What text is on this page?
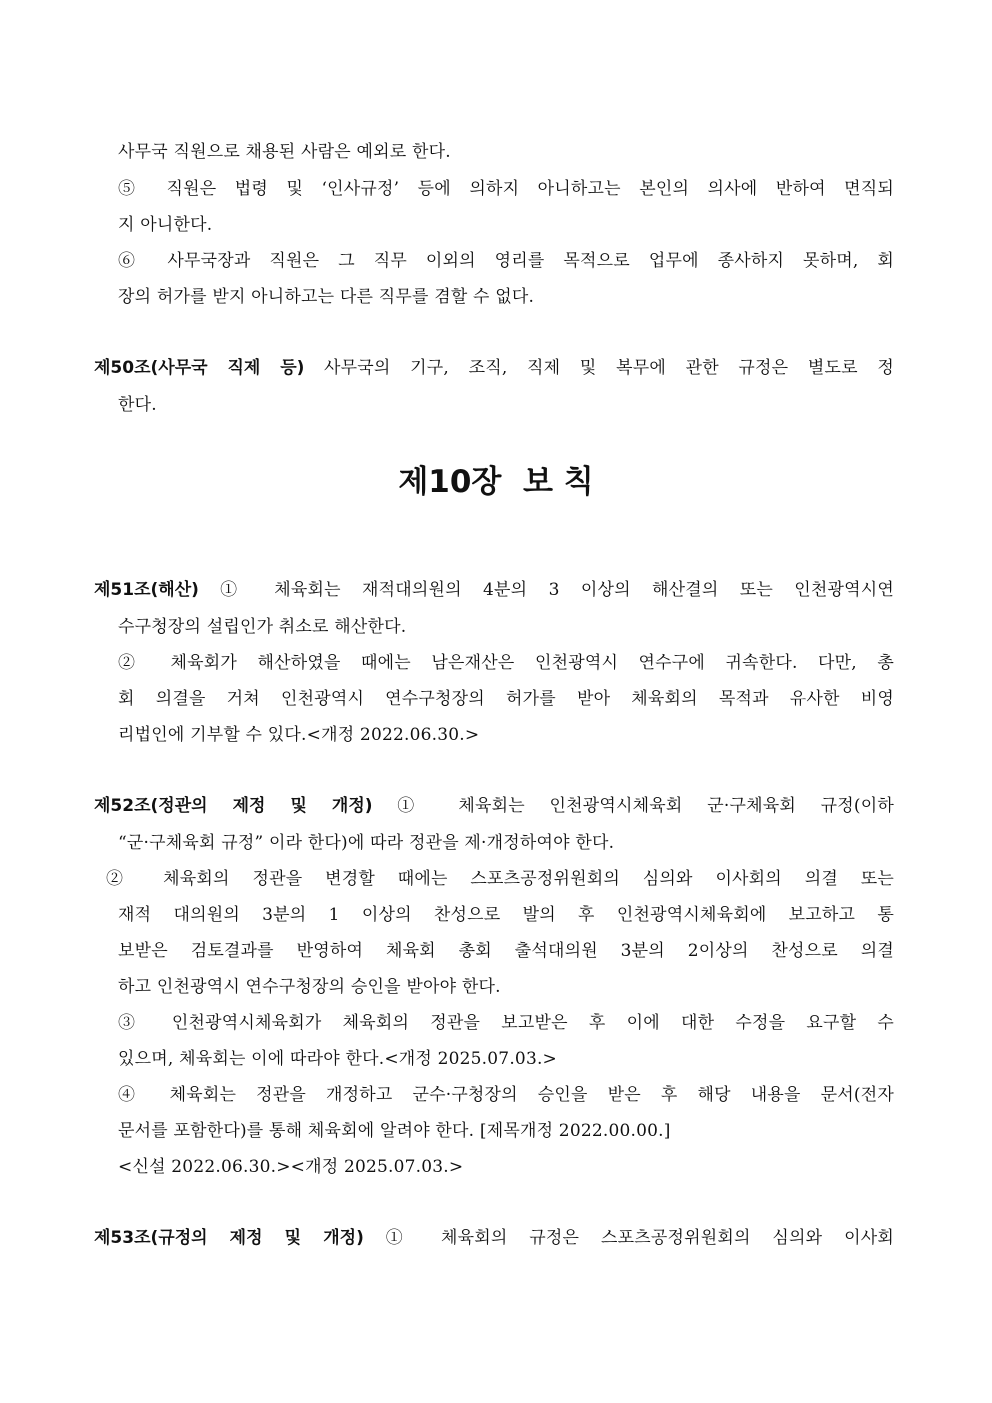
사무국 직원으로 채용된 사람은 예외로 한다.
⑤ 직원은 법령 및 ‘인사규정’ 등에 의하지 아니하고는 본인의 의사에 반하여 면직되
지 아니한다.
⑥ 사무국장과 직원은 그 직무 이외의 영리를 목적으로 업무에 종사하지 못하며, 회
장의 허가를 받지 아니하고는 다른 직무를 겸할 수 없다.
제50조(사무국 직제 등) 사무국의 기구, 조직, 직제 및 복무에 관한 규정은 별도로 정
한다.
제10장  보 칙
제51조(해산) ① 체육회는 재적대의원의 4분의 3 이상의 해산결의 또는 인천광역시연
수구청장의 설립인가 취소로 해산한다.
② 체육회가 해산하였을 때에는 남은재산은 인천광역시 연수구에 귀속한다. 다만, 총
회 의결을 거쳐 인천광역시 연수구청장의 허가를 받아 체육회의 목적과 유사한 비영
리법인에 기부할 수 있다.<개정 2022.06.30.>
제52조(정관의 제정 및 개정) ① 체육회는 인천광역시체육회 군·구체육회 규정(이하
“군·구체육회 규정” 이라 한다)에 따라 정관을 제·개정하여야 한다.
② 체육회의 정관을 변경할 때에는 스포츠공정위원회의 심의와 이사회의 의결 또는
재적 대의원의 3분의 1 이상의 찬성으로 발의 후 인천광역시체육회에 보고하고 통
보받은 검토결과를 반영하여 체육회 총회 출석대의원 3분의 2이상의 찬성으로 의결
하고 인천광역시 연수구청장의 승인을 받아야 한다.
③ 인천광역시체육회가 체육회의 정관을 보고받은 후 이에 대한 수정을 요구할 수
있으며, 체육회는 이에 따라야 한다.<개정 2025.07.03.>
④ 체육회는 정관을 개정하고 군수·구청장의 승인을 받은 후 해당 내용을 문서(전자
문서를 포함한다)를 통해 체육회에 알려야 한다. [제목개정 2022.00.00.]
<신설 2022.06.30.><개정 2025.07.03.>
제53조(규정의 제정 및 개정) ① 체육회의 규정은 스포츠공정위원회의 심의와 이사회
